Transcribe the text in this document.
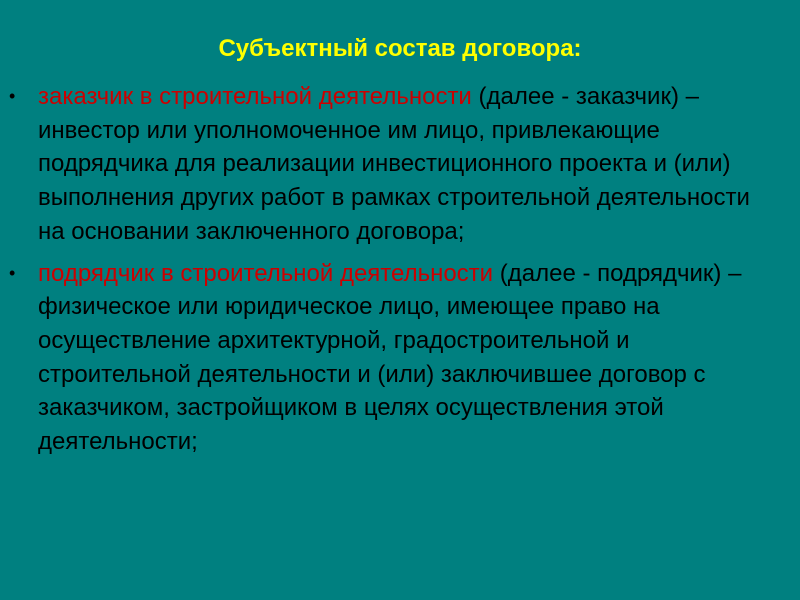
Субъектный состав договора:
• заказчик в строительной деятельности (далее - заказчик) – инвестор или уполномоченное им лицо, привлекающие подрядчика для реализации инвестиционного проекта и (или) выполнения других работ в рамках строительной деятельности на основании заключенного договора;
• подрядчик в строительной деятельности (далее - подрядчик) – физическое или юридическое лицо, имеющее право на осуществление архитектурной, градостроительной и строительной деятельности и (или) заключившее договор с заказчиком, застройщиком в целях осуществления этой деятельности;
